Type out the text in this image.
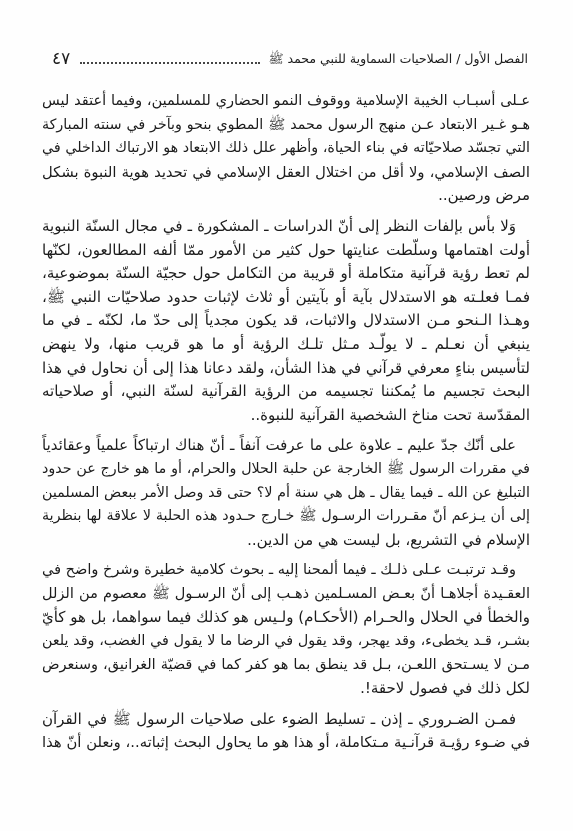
الفصل الأول / الصلاحيات السماوية للنبي محمد ﷺ
٤٧
عـلى أسبـاب الخيبة الإسلامية ووقوف النمو الحضاري للمسلمين، وفيما أعتقد ليس
هـو غـير الابتعاد عـن منهج الرسول محمد ﷺ المطوي بنحو وبآخر في سنته المباركة
التي تجسّد صلاحيّاته في بناء الحياة، وأظهر علل ذلك الابتعاد هو الارتباك الداخلي في
الصف الإسلامي، ولا أقل من اختلال العقل الإسلامي في تحديد هوية النبوة بشكل
مرض ورصين..
وَلا بأس بإلفات النظر إلى أنّ الدراسات ـ المشكورة ـ في مجال السنّة النبوية
أولت اهتمامها وسلّطت عنايتها حول كثير من الأمور ممّا ألفه المطالعون، لكنّها
لم تعط رؤية قرآنية متكاملة أو قريبة من التكامل حول حجيّة السنّة بموضوعية،
فمـا فعلـته هو الاستدلال بآية أو بآيتين أو ثلاث لإثبات حدود صلاحيّات النبي ﷺ،
وهـذا الـنحو مـن الاستدلال والاثبات، قد يكون مجدياً إلى حدّ ما، لكنّه ـ في ما
ينبغي أن نعـلم ـ لا يولّـد مـثل تلـك الرؤية أو ما هو قريب منها، ولا ينهض
لتأسيس بناءٍ معرفي قرآني في هذا الشأن، ولقد دعانا هذا إلى أن نحاول في هذا
البحث تجسيم ما يُمكننا تجسيمه من الرؤية القرآنية لسنّة النبي، أو صلاحياته
المقدّسة تحت مناخ الشخصية القرآنية للنبوة..
على أنّك جدّ عليم ـ علاوة على ما عرفت آنفاً ـ أنّ هناك ارتباكاً علمياً وعقائدياً
في مقررات الرسول ﷺ الخارجة عن حلبة الحلال والحرام، أو ما هو خارج عن حدود
التبليغ عن الله ـ فيما يقال ـ هل هي سنة أم لا؟ حتى قد وصل الأمر ببعض المسلمين
إلى أن يـزعم أنّ مقـررات الرسـول ﷺ خـارج حـدود هذه الحلبة لا علاقة لها بنظرية
الإسلام في التشريع، بل ليست هي من الدين..
وقـد ترتبـت عـلى ذلـك ـ فيما ألمحنا إليه ـ بحوث كلامية خطيرة وشرخ واضح في
العقـيدة أجلاهـا أنّ بعـض المسـلمين ذهـب إلى أنّ الرسـول ﷺ معصوم من الزلل
والخطأ في الحلال والحـرام (الأحكـام) ولـيس هو كذلك فيما سواهما، بل هو كأيّ
بشـر، قـد يخطىء، وقد يهجر، وقد يقول في الرضا ما لا يقول في الغضب، وقد يلعن
مـن لا يسـتحق اللعـن، بـل قد ينطق بما هو كفر كما في قضيّة الغرانيق، وسنعرض
لكل ذلك في فصول لاحقة!.
فمـن الضـروري ـ إذن ـ تسليط الضوء على صلاحيات الرسول ﷺ في القرآن
في ضـوء رؤيـة قرآنـية مـتكاملة، أو هذا هو ما يحاول البحث إثباته..، ونعلن أنّ هذا
